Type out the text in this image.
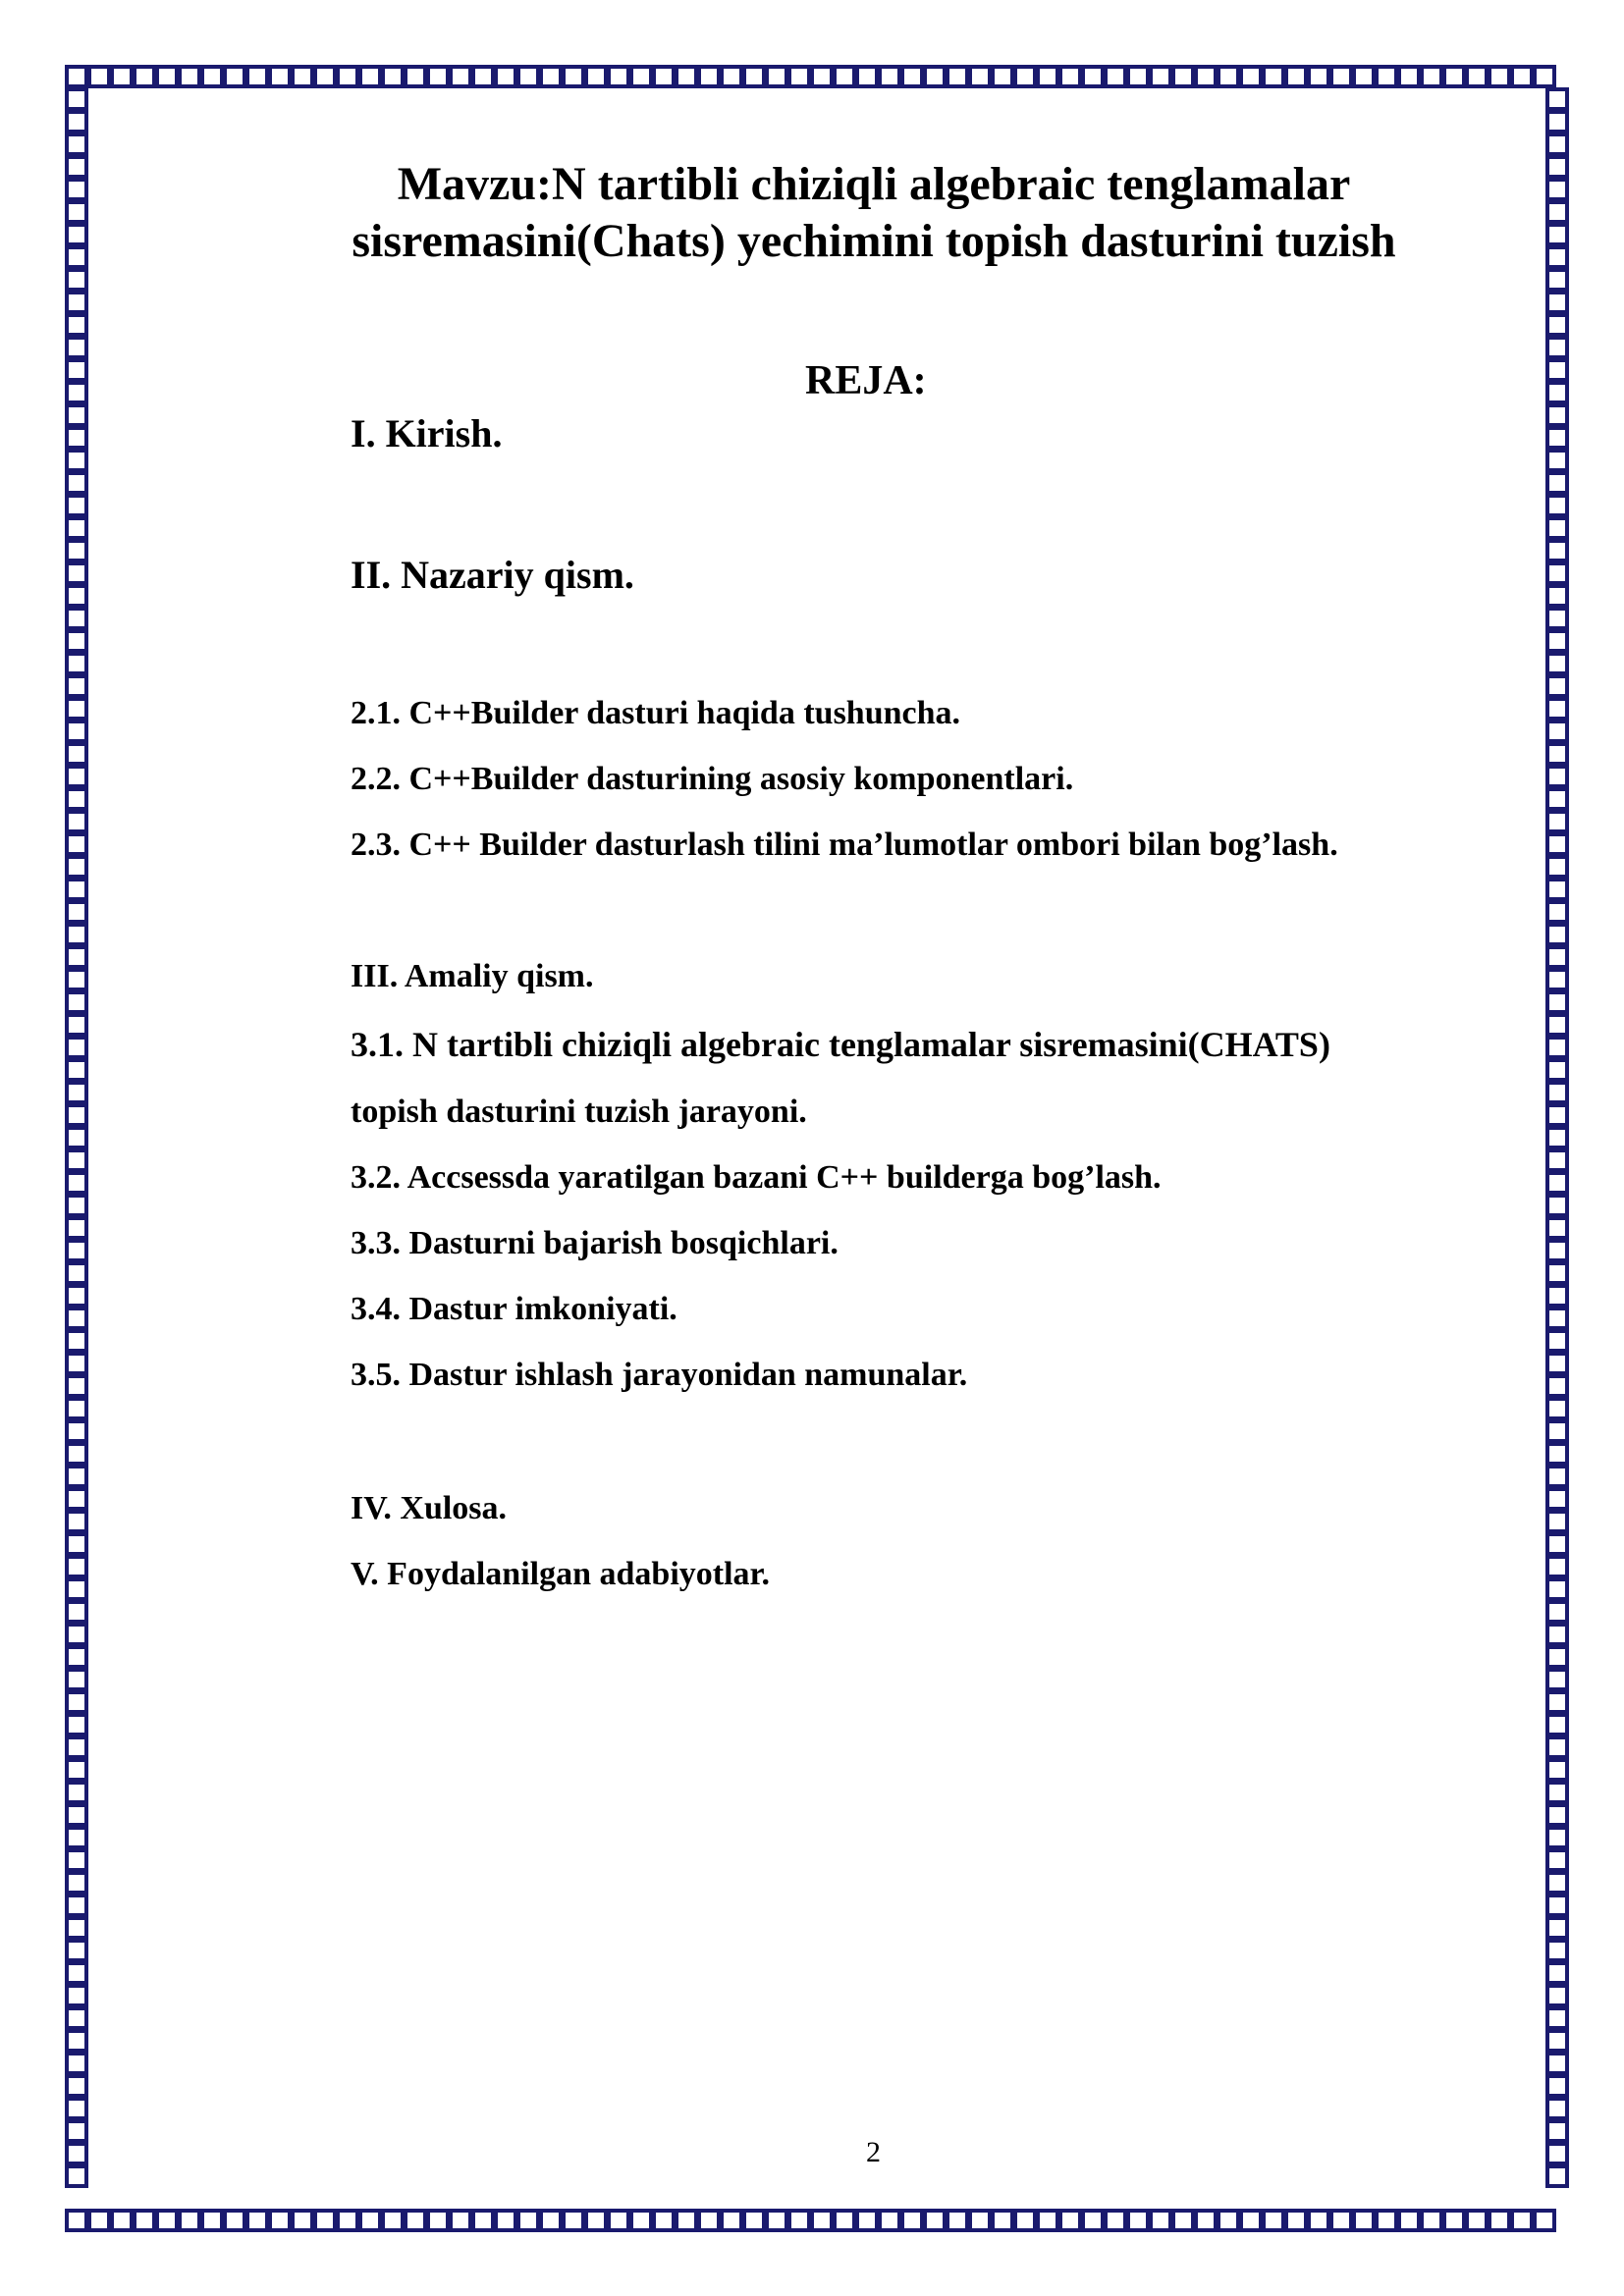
Mavzu:N tartibli chiziqli algebraic tenglamalar
sisremasini(Chats) yechimini topish dasturini tuzish
REJA:

I. Kirish.

II. Nazariy qism.

2.1. C++Builder dasturi haqida tushuncha.

2.2. C++Builder dasturining asosiy komponentlari.

2.3. C++ Builder dasturlash tilini ma’lumotlar ombori bilan bog’lash.

III. Amaliy qism.

3.1. N tartibli chiziqli algebraic tenglamalar sisremasini(CHATS)

topish dasturini tuzish jarayoni.

3.2. Accsessda yaratilgan bazani C++ builderga bog’lash.

3.3. Dasturni bajarish bosqichlari.

3.4. Dastur imkoniyati.

3.5. Dastur ishlash jarayonidan namunalar.

IV. Xulosa.

V. Foydalanilgan adabiyotlar.

2
